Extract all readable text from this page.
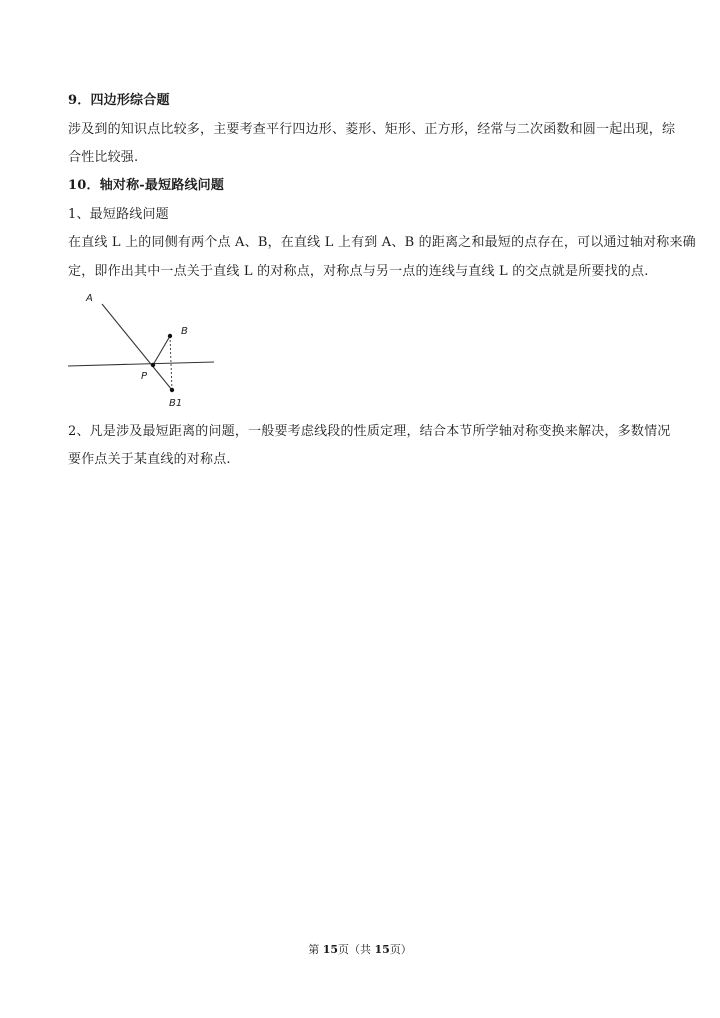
9．四边形综合题
涉及到的知识点比较多，主要考查平行四边形、菱形、矩形、正方形，经常与二次函数和圆一起出现，综
合性比较强.
10．轴对称-最短路线问题
1、最短路线问题
在直线 L 上的同侧有两个点 A、B，在直线 L 上有到 A、B 的距离之和最短的点存在，可以通过轴对称来确
定，即作出其中一点关于直线 L 的对称点，对称点与另一点的连线与直线 L 的交点就是所要找的点.
A
B
P
B1
2、凡是涉及最短距离的问题，一般要考虑线段的性质定理，结合本节所学轴对称变换来解决，多数情况
要作点关于某直线的对称点.
第 15页（共 15页）
